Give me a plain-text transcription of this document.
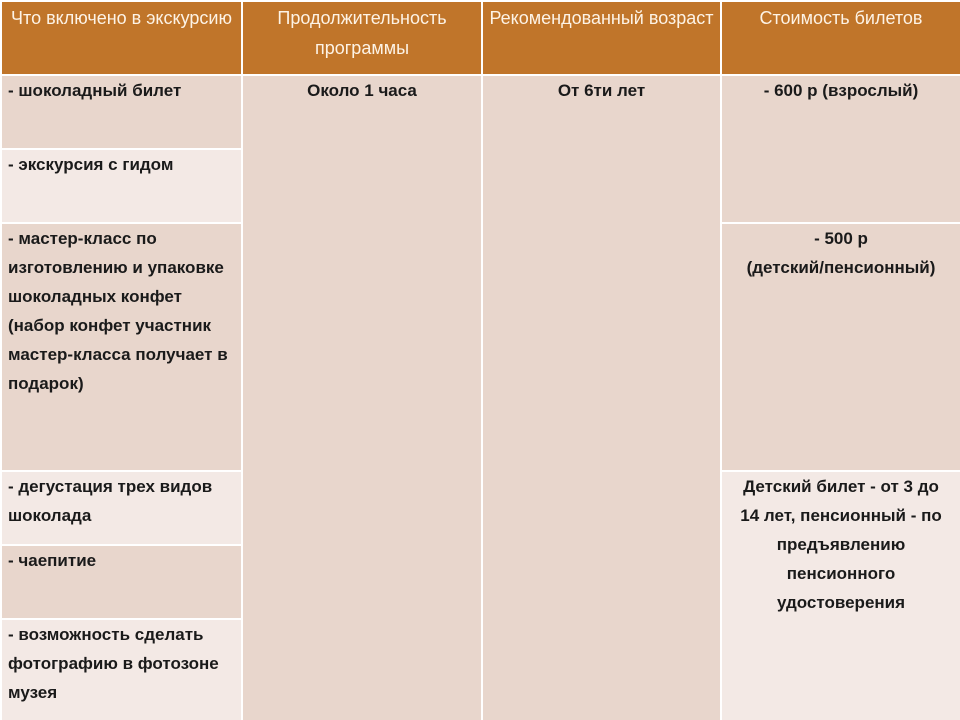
Что включено в экскурсию	Продолжительность программы	Рекомендованный возраст	Стоимость билетов
- шоколадный билет	Около 1 часа	От 6ти лет	- 600 р (взрослый)
- экскурсия с гидом			
- мастер-класс по изготовлению и упаковке шоколадных конфет (набор конфет участник мастер-класса получает в подарок)			- 500 р
(детский/пенсионный)

- дегустация трех видов шоколада			Детский билет - от 3 до 14 лет, пенсионный - по предъявлению пенсионного удостоверения
- чаепитие			
- возможность сделать фотографию в фотозоне музея			
